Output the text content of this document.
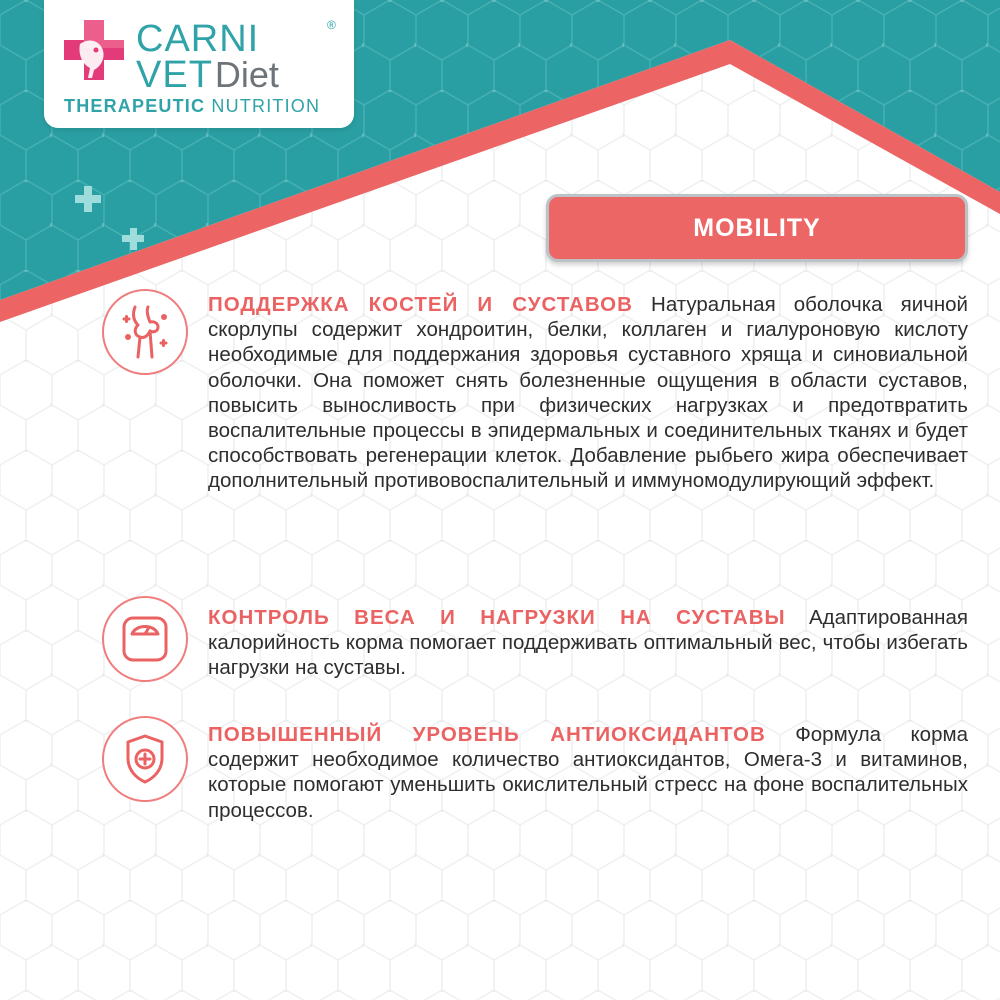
CARNI	®
VETDiet
THERAPEUTIC NUTRITION
MOBILITY
ПОДДЕРЖКА КОСТЕЙ И СУСТАВОВ Натуральная оболочка яичной скорлупы содержит хондроитин, белки, коллаген и гиалуроновую кислоту необходимые для поддержания здоровья суставного хряща и синовиальной оболочки. Она поможет снять болезненные ощущения в области суставов, повысить выносливость при физических нагрузках и предотвратить воспалительные процессы в эпидермальных и соединительных тканях и будет способствовать регенерации клеток. Добавление рыбьего жира обеспечивает дополнительный противовоспалительный и иммуномодулирующий эффект.
КОНТРОЛЬ ВЕСА И НАГРУЗКИ НА СУСТАВЫ Адаптированная калорийность корма помогает поддерживать оптимальный вес, чтобы избегать нагрузки на суставы.
ПОВЫШЕННЫЙ УРОВЕНЬ АНТИОКСИДАНТОВ Формула корма содержит необходимое количество антиоксидантов, Омега-3 и витаминов, которые помогают уменьшить окислительный стресс на фоне воспалительных процессов.
